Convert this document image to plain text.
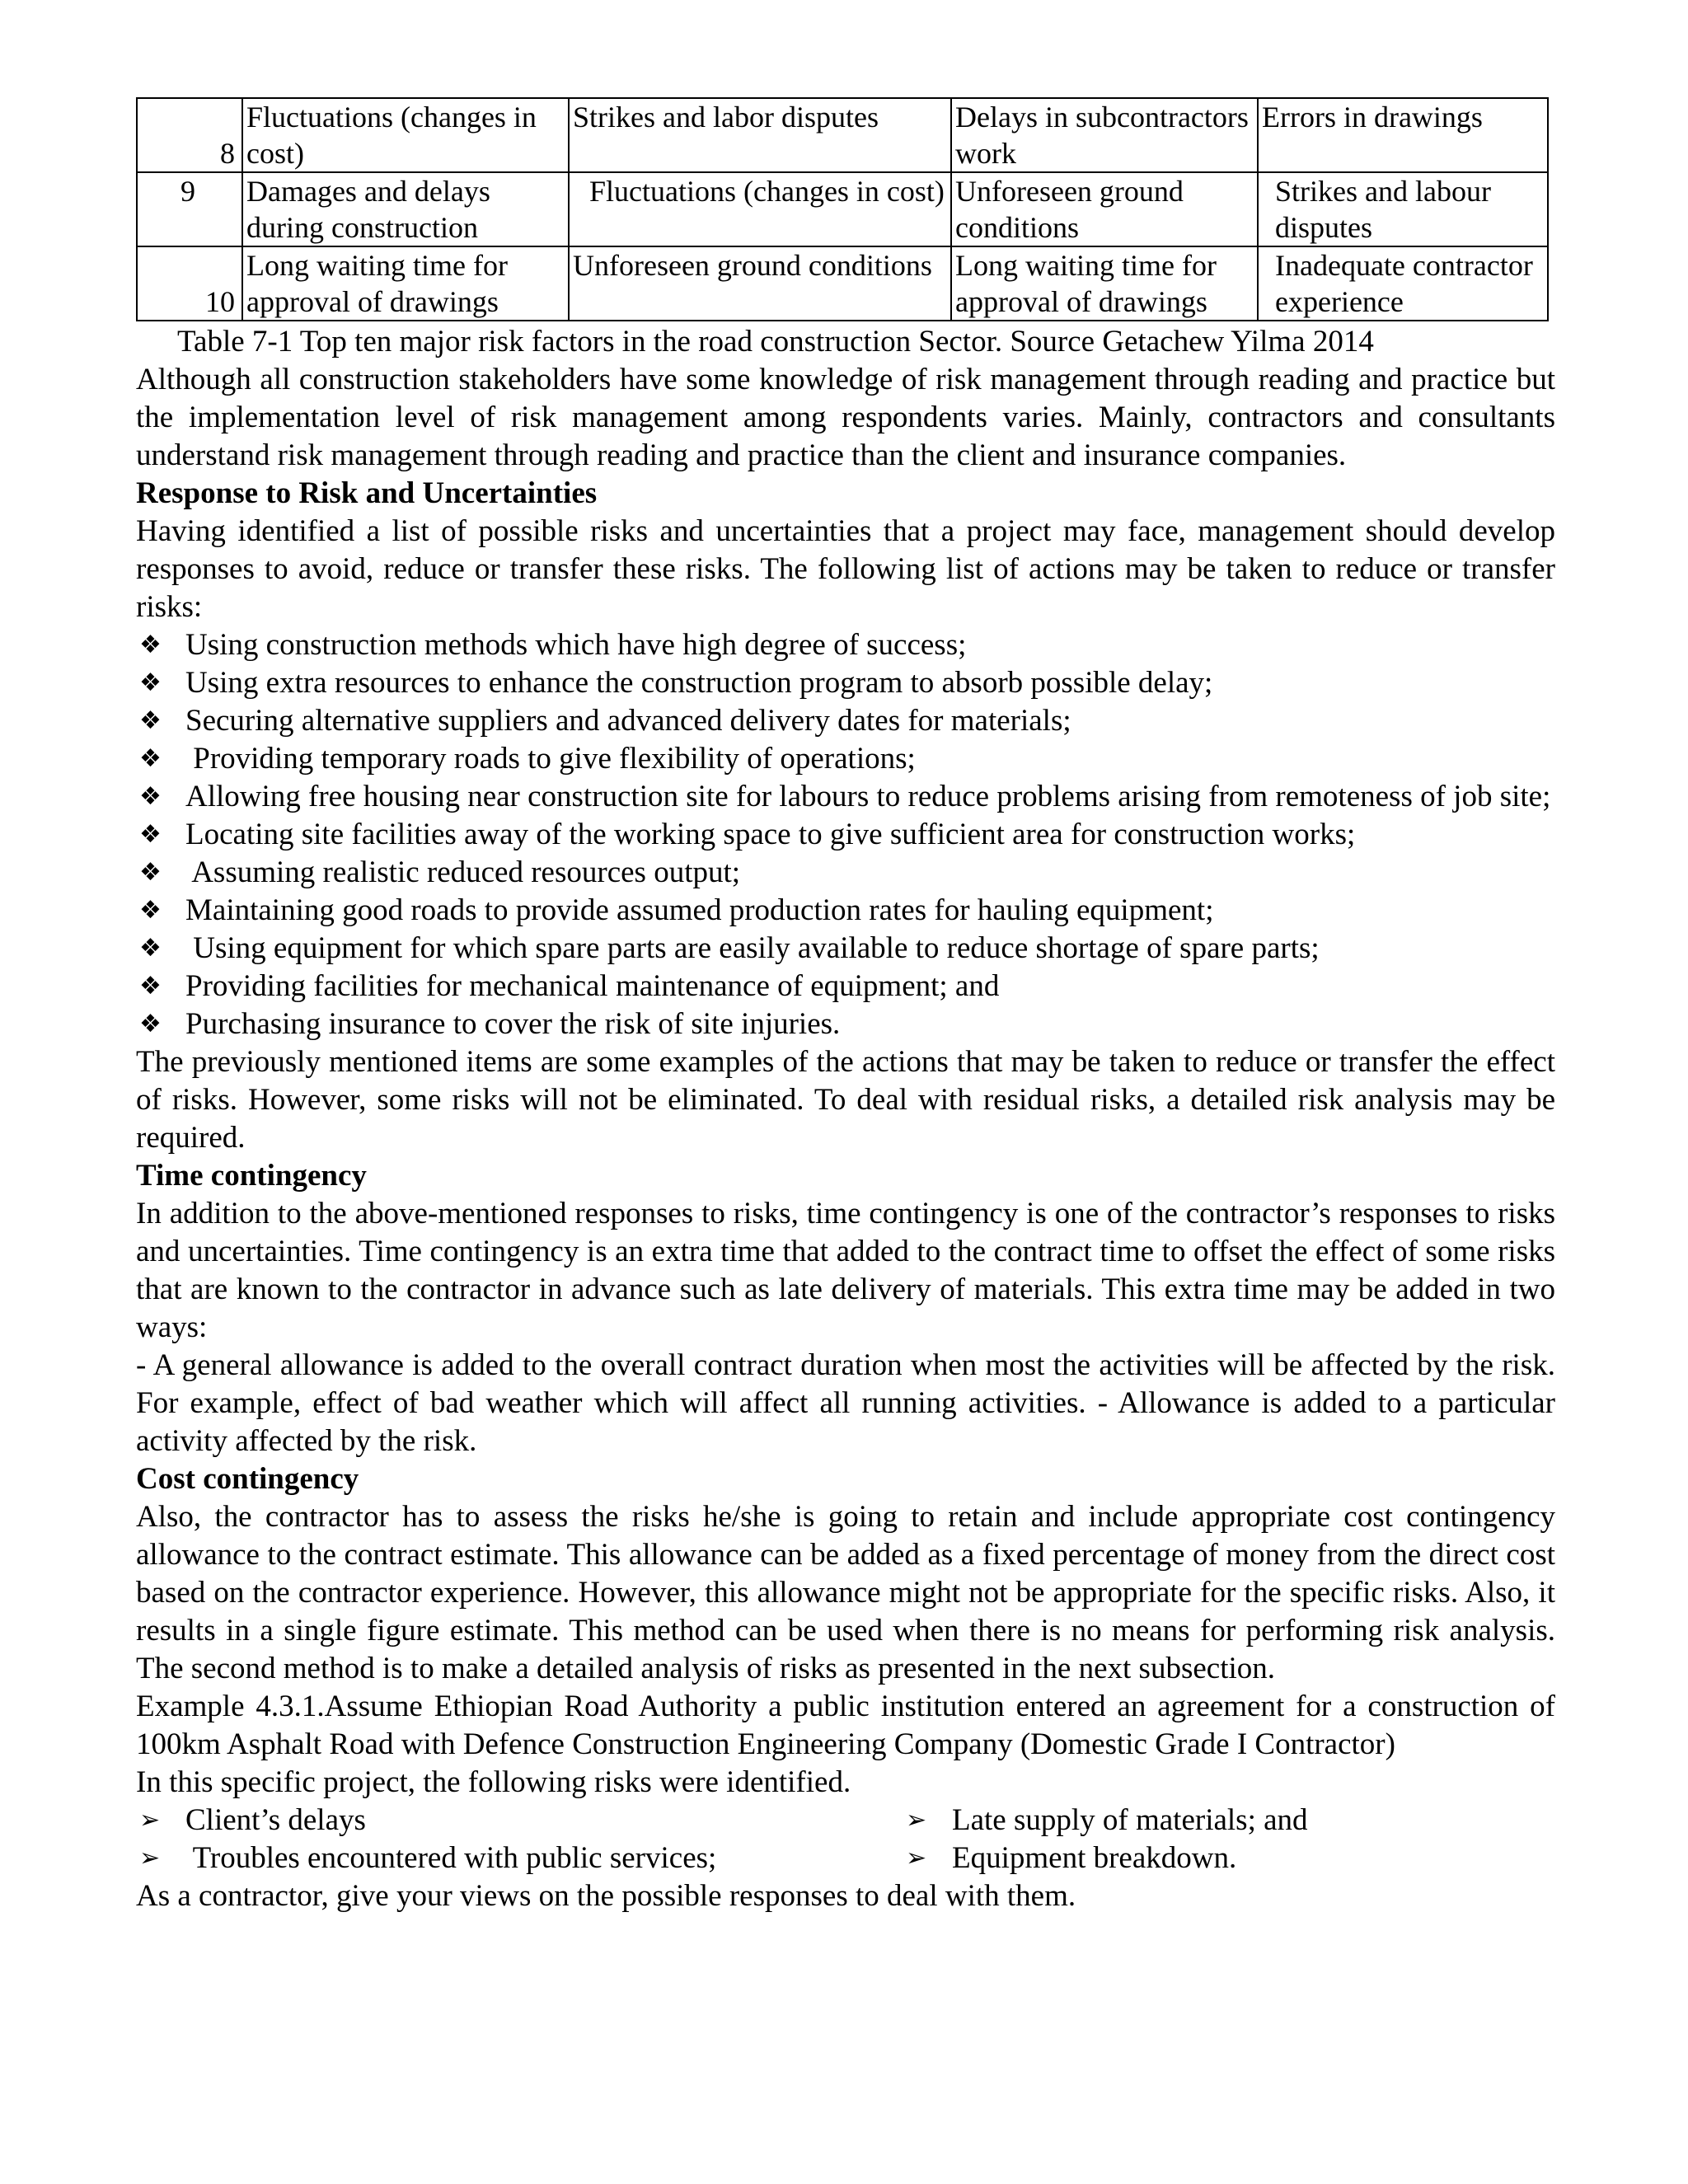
8	Fluctuations (changes in cost)	Strikes and labor disputes	Delays in subcontractors work	Errors in drawings
9	Damages and delays during construction	Fluctuations (changes in cost)	Unforeseen ground conditions	Strikes and labour disputes
10	Long waiting time for approval of drawings	Unforeseen ground conditions	Long waiting time for approval of drawings	Inadequate contractor experience
Table 7-1 Top ten major risk factors in the road construction Sector. Source Getachew Yilma 2014

Although all construction stakeholders have some knowledge of risk management through reading and practice but the implementation level of risk management among respondents varies. Mainly, contractors and consultants understand risk management through reading and practice than the client and insurance companies.

Response to Risk and Uncertainties

Having identified a list of possible risks and uncertainties that a project may face, management should develop responses to avoid, reduce or transfer these risks. The following list of actions may be taken to reduce or transfer risks:

❖ Using construction methods which have high degree of success;
❖ Using extra resources to enhance the construction program to absorb possible delay;
❖ Securing alternative suppliers and advanced delivery dates for materials;
❖ Providing temporary roads to give flexibility of operations;
❖ Allowing free housing near construction site for labours to reduce problems arising from remoteness of job site;
❖ Locating site facilities away of the working space to give sufficient area for construction works;
❖ Assuming realistic reduced resources output;
❖ Maintaining good roads to provide assumed production rates for hauling equipment;
❖ Using equipment for which spare parts are easily available to reduce shortage of spare parts;
❖ Providing facilities for mechanical maintenance of equipment; and
❖ Purchasing insurance to cover the risk of site injuries.

The previously mentioned items are some examples of the actions that may be taken to reduce or transfer the effect of risks. However, some risks will not be eliminated. To deal with residual risks, a detailed risk analysis may be required.

Time contingency

In addition to the above-mentioned responses to risks, time contingency is one of the contractor’s responses to risks and uncertainties. Time contingency is an extra time that added to the contract time to offset the effect of some risks that are known to the contractor in advance such as late delivery of materials. This extra time may be added in two ways:

- A general allowance is added to the overall contract duration when most the activities will be affected by the risk. For example, effect of bad weather which will affect all running activities. - Allowance is added to a particular activity affected by the risk.

Cost contingency

Also, the contractor has to assess the risks he/she is going to retain and include appropriate cost contingency allowance to the contract estimate. This allowance can be added as a fixed percentage of money from the direct cost based on the contractor experience. However, this allowance might not be appropriate for the specific risks. Also, it results in a single figure estimate. This method can be used when there is no means for performing risk analysis. The second method is to make a detailed analysis of risks as presented in the next subsection.

Example 4.3.1.Assume Ethiopian Road Authority a public institution entered an agreement for a construction of 100km Asphalt Road with Defence Construction Engineering Company (Domestic Grade I Contractor)

In this specific project, the following risks were identified.

➢ Client’s delays	➢ Late supply of materials; and
➢ Troubles encountered with public services;	➢ Equipment breakdown.

As a contractor, give your views on the possible responses to deal with them.
